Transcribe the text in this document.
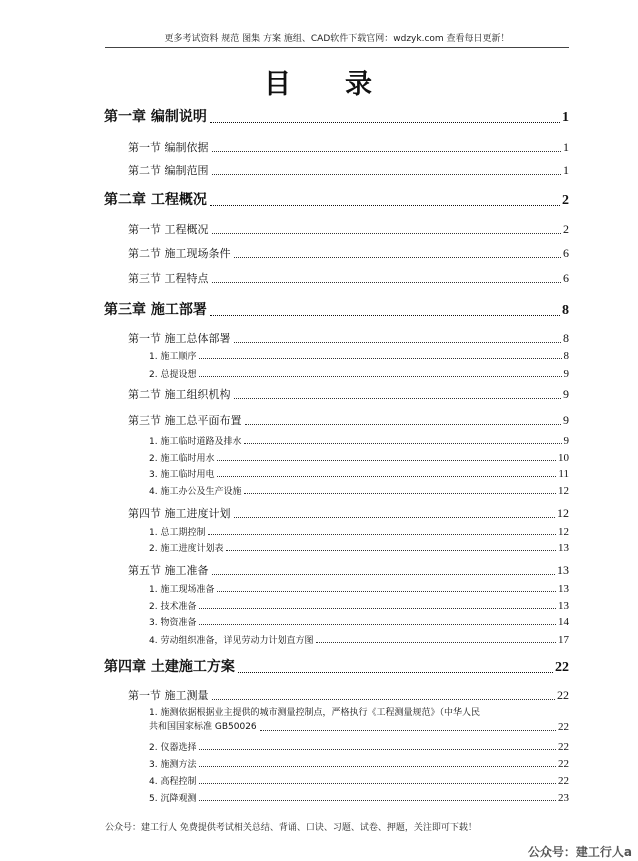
更多考试资料 规范 图集 方案 施组、CAD软件下载官网：wdzyk.com 查看每日更新！
目 录
第一章 编制说明	1
第一节 编制依据	1
第二节 编制范围	1
第二章 工程概况	2
第一节 工程概况	2
第二节 施工现场条件	6
第三节 工程特点	6
第三章 施工部署	8
第一节 施工总体部署	8
1. 施工顺序	8
2. 总提设想	9
第二节 施工组织机构	9
第三节 施工总平面布置	9
1. 施工临时道路及排水	9
2. 施工临时用水	10
3. 施工临时用电	11
4. 施工办公及生产设施	12
第四节 施工进度计划	12
1. 总工期控制	12
2. 施工进度计划表	13
第五节 施工准备	13
1. 施工现场准备	13
2. 技术准备	13
3. 物资准备	14
4. 劳动组织准备，详见劳动力计划直方图	17
第四章 土建施工方案	22
第一节 施工测量	22
1. 施测依据根据业主提供的城市测量控制点，严格执行《工程测量规范》（中华人民
共和国国家标准 GB50026	22
2. 仪器选择	22
3. 施测方法	22
4. 高程控制	22
5. 沉降观测	23
公众号：建工行人 免费提供考试相关总结、背诵、口诀、习题、试卷、押题，关注即可下载！
公众号：建工行人a
